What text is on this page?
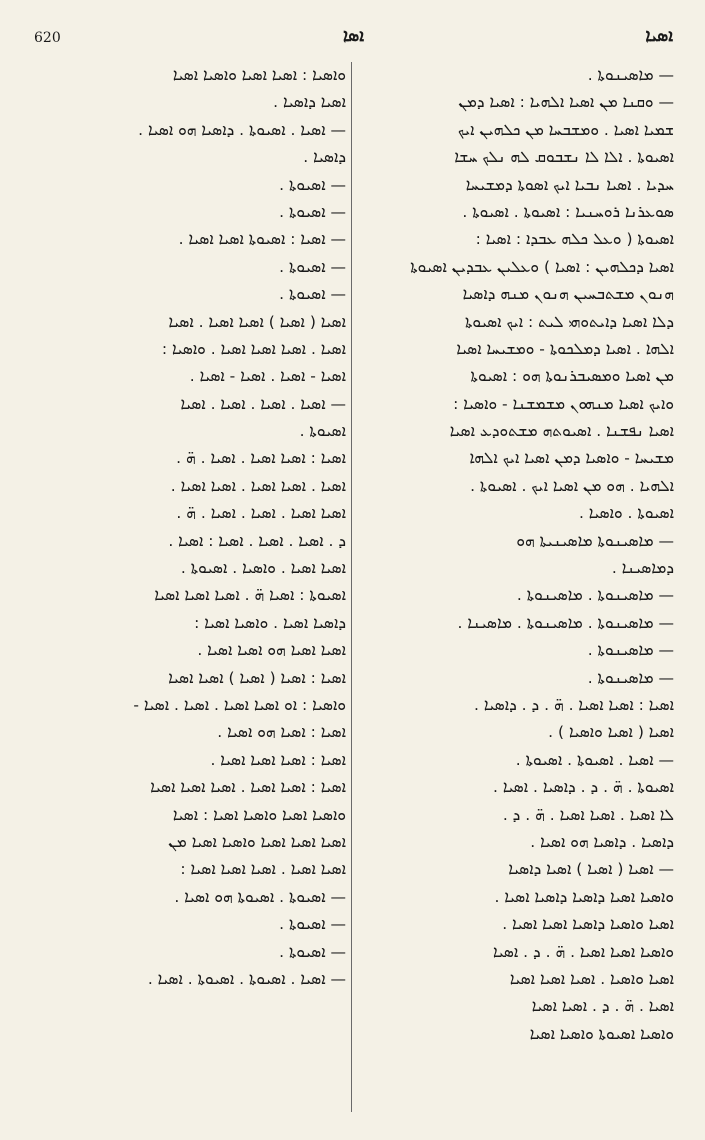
620	ܐܣܐ	ܐܣܝܐ
— ܡܐܣܝܢܘܬܐ .
— ܘܩܢܐ ܡܢ ܐܣܝܐ ܐܠܗܝܐ : ܐܣܝܐ ܕܡܢ
ܫܡܝܐ ܐܣܝܐ . ܘܡܫܒܚܐ ܡܢ ܟܠܗܝܢ ܐܝܟ
ܐܣܝܘܬܐ . ܐܠܐ ܠܐ ܢܫܒܘܩ ܠܗ ܢܠܟ ܚܫܐ
ܚܕܝܐ . ܐܣܝܐ ܢܒܝܐ ܐܝܟ ܐܣܘܬܐ ܕܡܫܝܚܐ
ܣܘܥܪܢܐ ܪܘܚܢܝܐ : ܐܣܝܘܬܐ . ܐܣܝܘܬܐ .
ܐܣܝܘܬܐ ( ܘܥܠ ܟܠܗ ܥܒܕܐ : ܐܣܝܐ :
ܐܣܝܐ ܕܟܠܗܝܢ : ܐܣܝܐ ) ܘܥܠܝܢ ܥܒܕܝܢ ܐܣܝܘܬܐ
ܗܢܘܢ ܡܫܬܒܚܝܢ ܗܢܘܢ ܡܢܗ ܕܐܣܝܐ
ܕܠܐ ܐܣܝܐ ܕܐܝܬܘܗܝ ܠܝܬ : ܐܝܟ ܐܣܝܘܬܐ
ܐܠܗܐ . ܐܣܝܐ ܕܡܠܟܘܬܐ - ܘܡܫܝܚܐ ܐܣܝܐ
ܡܢ ܐܣܝܐ ܘܡܣܝܒܪܢܘܬܐ ܗܘ : ܐܣܝܘܬܐ
ܘܐܝܟ ܐܣܝܐ ܡܢܗܘܢ ܡܫܡܫܢܐ - ܘܐܣܝܐ :
ܐܣܝܐ ܢܦܫܢܐ . ܐܣܝܘܬܗ ܡܫܬܘܕܥ ܐܣܝܐ
ܡܫܝܚܐ - ܘܐܣܝܐ ܕܡܢ ܐܣܝܐ ܐܝܟ ܐܠܗܐ
ܐܠܗܝܐ . ܗܘ ܡܢ ܐܣܝܐ ܐܝܟ . ܐܣܝܘܬܐ .
ܐܣܝܘܬܐ . ܘܐܣܝܐ .
— ܡܐܣܝܢܘܬܐ ܡܐܣܝܢܝܬܐ ܗܘ
ܕܡܐܣܝܢܐ .
— ܡܐܣܝܢܘܬܐ . ܡܐܣܝܢܘܬܐ .
— ܡܐܣܝܢܘܬܐ . ܡܐܣܝܢܘܬܐ . ܡܐܣܝܢܐ .
— ܡܐܣܝܢܘܬܐ .
— ܡܐܣܝܢܘܬܐ .
ܐܣܝܐ : ܐܣܝܐ ܐܣܝܐ . ܗ̈ . ܕ . ܕܐܣܝܐ .
ܐܣܝܐ ( ܐܣܝܐ ܘܐܣܝܐ ) .
— ܐܣܝܐ . ܐܣܝܘܬܐ . ܐܣܝܘܬܐ .
ܐܣܝܘܬܐ . ܗ̈ . ܕ . ܕܐܣܝܐ . ܐܣܝܐ .
ܠܐ ܐܣܝܐ . ܐܣܝܐ ܐܣܝܐ . ܗ̈ . ܕ .
ܕܐܣܝܐ . ܕܐܣܝܐ ܗܘ ܐܣܝܐ .
— ܐܣܝܐ ( ܐܣܝܐ ) ܐܣܝܐ ܕܐܣܝܐ
ܘܐܣܝܐ ܐܣܝܐ ܕܐܣܝܐ ܕܐܣܝܐ ܐܣܝܐ .
ܐܣܝܐ ܘܐܣܝܐ ܕܐܣܝܐ ܐܣܝܐ ܐܣܝܐ .
ܘܐܣܝܐ ܐܣܝܐ ܐܣܝܐ . ܗ̈ . ܕ . ܐܣܝܐ
ܐܣܝܐ ܘܐܣܝܐ . ܐܣܝܐ ܐܣܝܐ ܐܣܝܐ
ܐܣܝܐ . ܗ̈ . ܕ . ܐܣܝܐ ܐܣܝܐ
ܘܐܣܝܐ ܐܣܝܘܬܐ ܘܐܣܝܐ ܐܣܝܐ
ܘܐܣܝܐ : ܐܣܝܐ ܐܣܝܐ ܘܐܣܝܐ ܐܣܝܐ
ܐܣܝܐ ܕܐܣܝܐ .
— ܐܣܝܐ . ܐܣܝܘܬܐ . ܕܐܣܝܐ ܗܘ ܐܣܝܐ .
ܕܐܣܝܐ .
— ܐܣܝܘܬܐ .
— ܐܣܝܘܬܐ .
— ܐܣܝܐ : ܐܣܝܘܬܐ ܐܣܝܐ ܐܣܝܐ .
— ܐܣܝܘܬܐ .
— ܐܣܝܘܬܐ .
ܐܣܝܐ ( ܐܣܝܐ ) ܐܣܝܐ ܐܣܝܐ . ܐܣܝܐ
ܐܣܝܐ . ܐܣܝܐ ܐܣܝܐ ܐܣܝܐ . ܘܐܣܝܐ :
ܐܣܝܐ - ܐܣܝܐ . ܐܣܝܐ - ܐܣܝܐ .
— ܐܣܝܐ . ܐܣܝܐ . ܐܣܝܐ . ܐܣܝܐ
ܐܣܝܘܬܐ .
ܐܣܝܐ : ܐܣܝܐ ܐܣܝܐ . ܐܣܝܐ . ܗ̈ .
ܐܣܝܐ . ܐܣܝܐ ܐܣܝܐ . ܐܣܝܐ ܐܣܝܐ .
ܐܣܝܐ ܐܣܝܐ . ܐܣܝܐ . ܐܣܝܐ . ܗ̈ .
ܕ . ܐܣܝܐ . ܐܣܝܐ . ܐܣܝܐ : ܐܣܝܐ .
ܐܣܝܐ ܐܣܝܐ . ܘܐܣܝܐ . ܐܣܝܘܬܐ .
ܐܣܝܘܬܐ : ܐܣܝܐ ܗ̈ . ܐܣܝܐ ܐܣܝܐ ܐܣܝܐ
ܕܐܣܝܐ ܐܣܝܐ . ܘܐܣܝܐ ܐܣܝܐ :
ܐܣܝܐ ܐܣܝܐ ܗܘ ܐܣܝܐ ܐܣܝܐ .
ܐܣܝܐ : ܐܣܝܐ ( ܐܣܝܐ ) ܐܣܝܐ ܐܣܝܐ
ܘܐܣܝܐ : ܐܘ ܐܣܝܐ ܐܣܝܐ . ܐܣܝܐ . ܐܣܝܐ -
ܐܣܝܐ : ܐܣܝܐ ܗܘ ܐܣܝܐ .
ܐܣܝܐ : ܐܣܝܐ ܐܣܝܐ ܐܣܝܐ .
ܐܣܝܐ : ܐܣܝܐ ܐܣܝܐ . ܐܣܝܐ ܐܣܝܐ ܐܣܝܐ
ܘܐܣܝܐ ܐܣܝܐ ܘܐܣܝܐ ܐܣܝܐ : ܐܣܝܐ
ܐܣܝܐ ܐܣܝܐ ܐܣܝܐ ܘܐܣܝܐ ܐܣܝܐ ܡܢ
ܐܣܝܐ ܐܣܝܐ . ܐܣܝܐ ܐܣܝܐ ܐܣܝܐ :
— ܐܣܝܘܬܐ . ܐܣܝܘܬܐ ܗܘ ܐܣܝܐ .
— ܐܣܝܘܬܐ .
— ܐܣܝܘܬܐ .
— ܐܣܝܐ . ܐܣܝܘܬܐ . ܐܣܝܘܬܐ . ܐܣܝܐ .
